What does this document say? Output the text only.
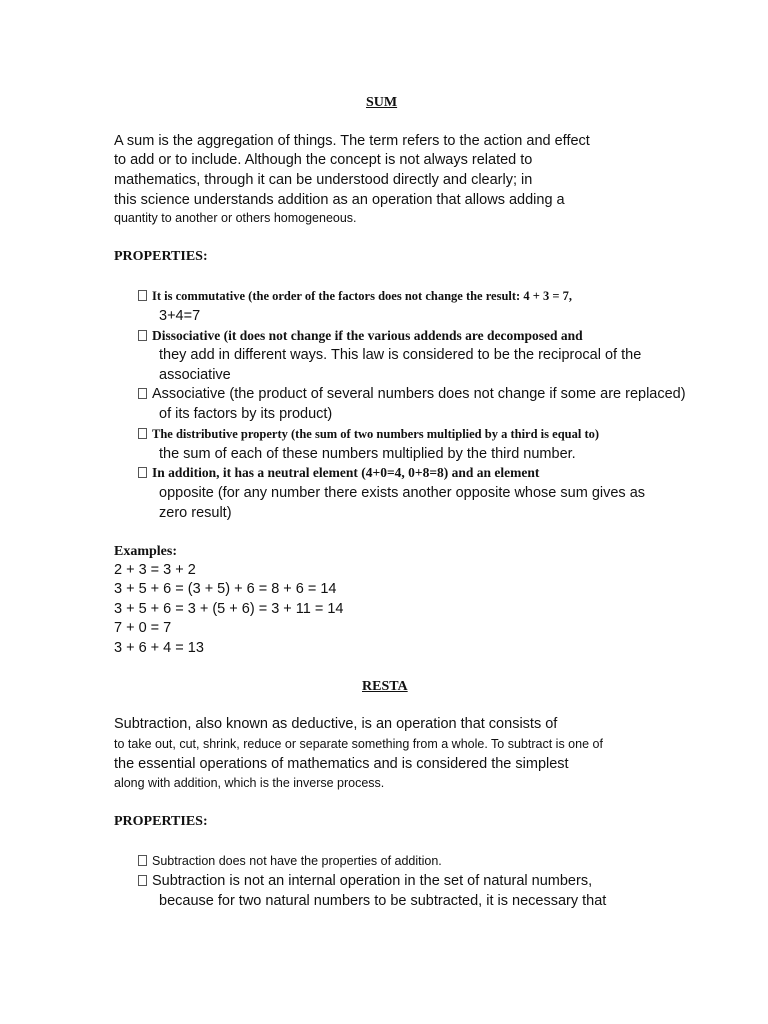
SUM
A sum is the aggregation of things. The term refers to the action and effect
to add or to include. Although the concept is not always related to
mathematics, through it can be understood directly and clearly; in
this science understands addition as an operation that allows adding a
quantity to another or others homogeneous.
PROPERTIES:
It is commutative (the order of the factors does not change the result: 4 + 3 = 7,
3+4=7
Dissociative (it does not change if the various addends are decomposed and
they add in different ways. This law is considered to be the reciprocal of the
associative
Associative (the product of several numbers does not change if some are replaced)
of its factors by its product)
The distributive property (the sum of two numbers multiplied by a third is equal to)
the sum of each of these numbers multiplied by the third number.
In addition, it has a neutral element (4+0=4, 0+8=8) and an element
opposite (for any number there exists another opposite whose sum gives as
zero result)
Examples:
2 + 3 = 3 + 2
3 + 5 + 6 = (3 + 5) + 6 = 8 + 6 = 14
3 + 5 + 6 = 3 + (5 + 6) = 3 + 11 = 14
7 + 0 = 7
3 + 6 + 4 = 13
RESTA
Subtraction, also known as deductive, is an operation that consists of
to take out, cut, shrink, reduce or separate something from a whole. To subtract is one of
the essential operations of mathematics and is considered the simplest
along with addition, which is the inverse process.
PROPERTIES:
Subtraction does not have the properties of addition.
Subtraction is not an internal operation in the set of natural numbers,
because for two natural numbers to be subtracted, it is necessary that
